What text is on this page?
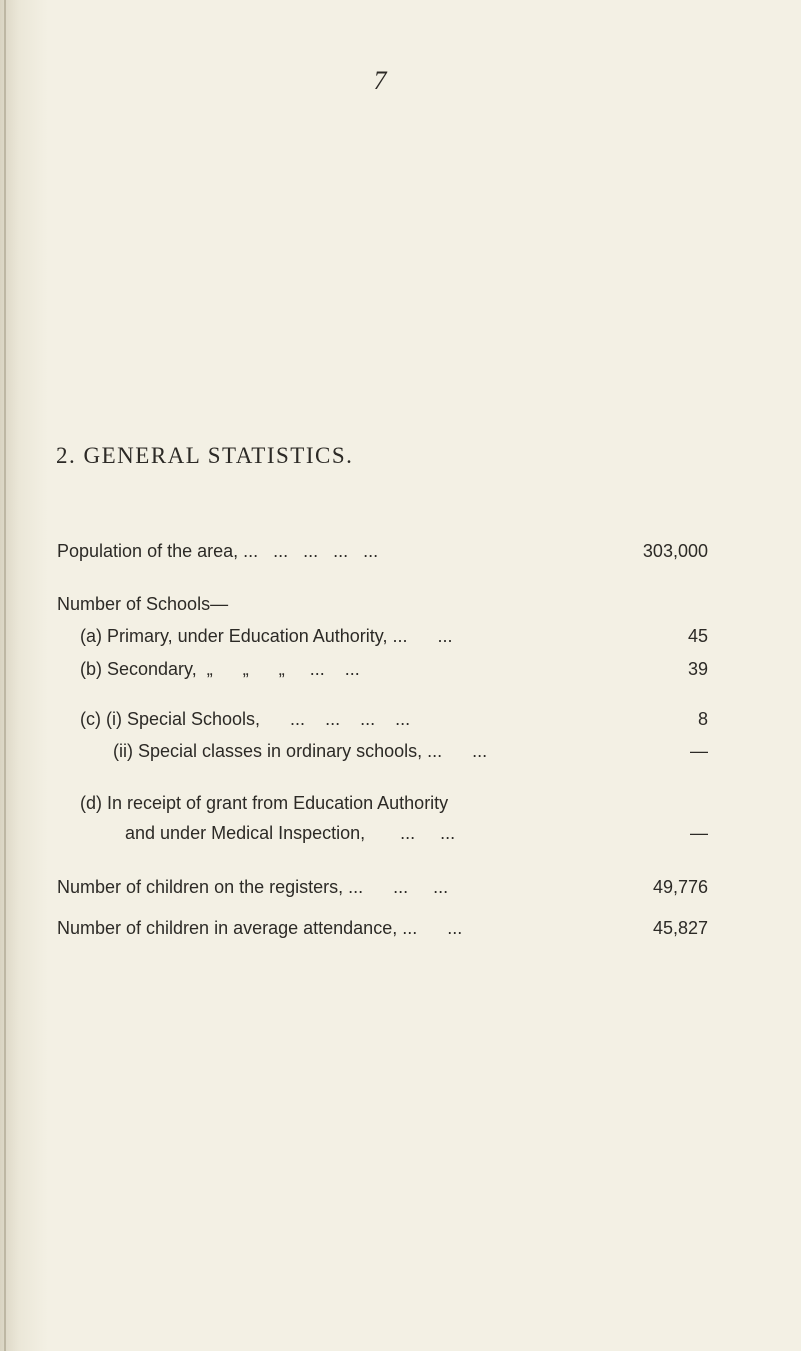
7
2. GENERAL STATISTICS.
Population of the area, ...   ...   ...   ...   ...	303,000
Number of Schools—
(a) Primary, under Education Authority, ...      ...	45
(b) Secondary,  „      „      „     ...    ...	39
(c) (i) Special Schools,      ...    ...    ...    ...	8
(ii) Special classes in ordinary schools, ...      ...	—
(d) In receipt of grant from Education Authority
and under Medical Inspection,       ...     ...	—
Number of children on the registers, ...      ...     ...	49,776
Number of children in average attendance, ...      ...	45,827
